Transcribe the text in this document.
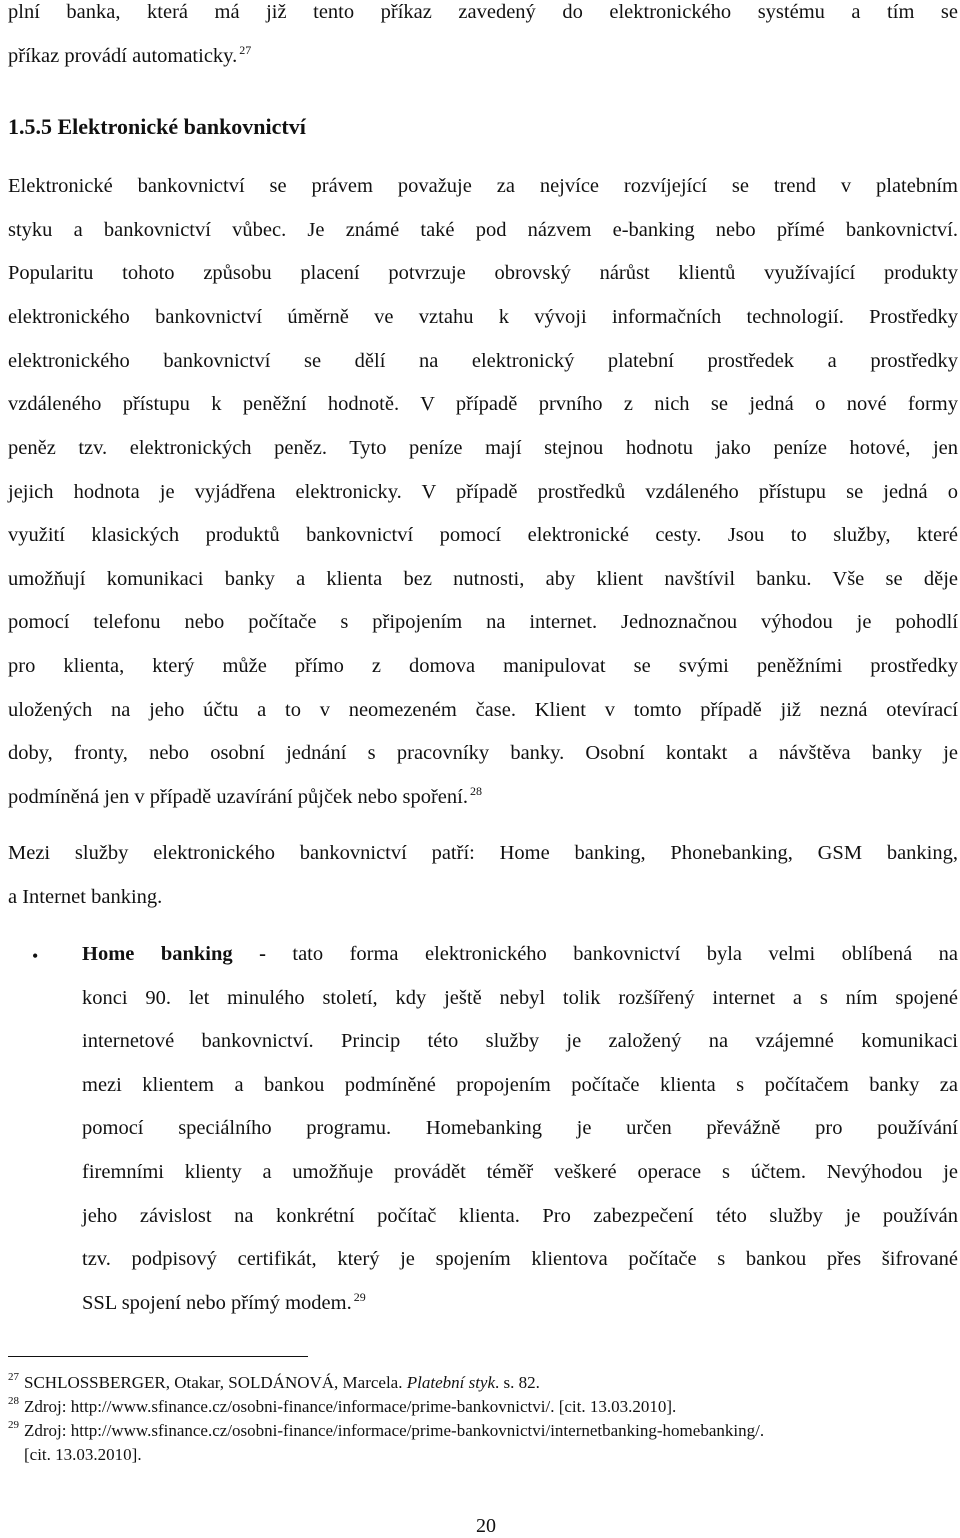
plní banka, která má již tento příkaz zavedený do elektronického systému a tím se
příkaz provádí automaticky. $^{27}$
1.5.5 Elektronické bankovnictví
Elektronické bankovnictví se právem považuje za nejvíce rozvíjející se trend v platebním
styku a bankovnictví vůbec. Je známé také pod názvem e-banking nebo přímé bankovnictví.
Popularitu tohoto způsobu placení potvrzuje obrovský nárůst klientů využívající produkty
elektronického bankovnictví úměrně ve vztahu k vývoji informačních technologií. Prostředky
elektronického bankovnictví se dělí na elektronický platební prostředek a prostředky
vzdáleného přístupu k peněžní hodnotě. V případě prvního z nich se jedná o nové formy
peněz tzv. elektronických peněz. Tyto peníze mají stejnou hodnotu jako peníze hotové, jen
jejich hodnota je vyjádřena elektronicky. V případě prostředků vzdáleného přístupu se jedná o
využití klasických produktů bankovnictví pomocí elektronické cesty. Jsou to služby, které
umožňují komunikaci banky a klienta bez nutnosti, aby klient navštívil banku. Vše se děje
pomocí telefonu nebo počítače s připojením na internet. Jednoznačnou výhodou je pohodlí
pro klienta, který může přímo z domova manipulovat se svými peněžními prostředky
uložených na jeho účtu a to v neomezeném čase. Klient v tomto případě již nezná otevírací
doby, fronty, nebo osobní jednání s pracovníky banky. Osobní kontakt a návštěva banky je
podmíněná jen v případě uzavírání půjček nebo spoření. $^{28}$
Mezi služby elektronického bankovnictví patří: Home banking, Phonebanking, GSM banking,
a Internet banking.
• Home banking - tato forma elektronického bankovnictví byla velmi oblíbená na
konci 90. let minulého století, kdy ještě nebyl tolik rozšířený internet a s ním spojené
internetové bankovnictví. Princip této služby je založený na vzájemné komunikaci
mezi klientem a bankou podmíněné propojením počítače klienta s počítačem banky za
pomocí speciálního programu. Homebanking je určen převážně pro používání
firemními klienty a umožňuje provádět téměř veškeré operace s účtem. Nevýhodou je
jeho závislost na konkrétní počítač klienta. Pro zabezpečení této služby je používán
tzv. podpisový certifikát, který je spojením klientova počítače s bankou přes šifrované
SSL spojení nebo přímý modem. $^{29}$
27 SCHLOSSBERGER, Otakar, SOLDÁNOVÁ, Marcela. Platební styk. s. 82.
28 Zdroj: http://www.sfinance.cz/osobni-finance/informace/prime-bankovnictvi/. [cit. 13.03.2010].
29 Zdroj: http://www.sfinance.cz/osobni-finance/informace/prime-bankovnictvi/internetbanking-homebanking/.
[cit. 13.03.2010].
20
